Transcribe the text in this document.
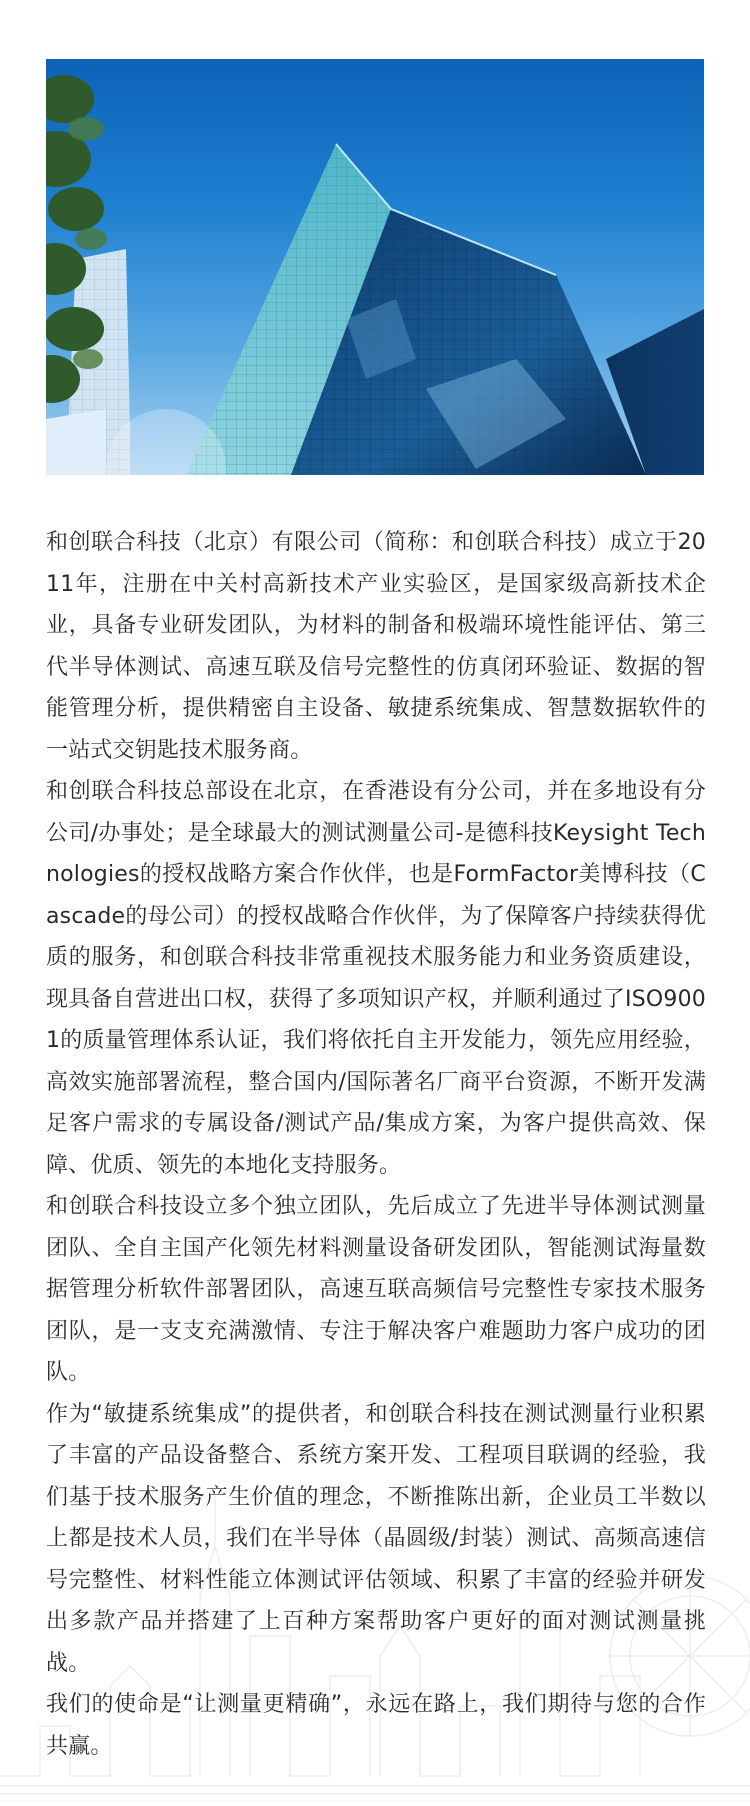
和创联合科技（北京）有限公司（简称：和创联合科技）成立于2011年，注册在中关村高新技术产业实验区，是国家级高新技术企业，具备专业研发团队，为材料的制备和极端环境性能评估、第三代半导体测试、高速互联及信号完整性的仿真闭环验证、数据的智能管理分析，提供精密自主设备、敏捷系统集成、智慧数据软件的一站式交钥匙技术服务商。

和创联合科技总部设在北京，在香港设有分公司，并在多地设有分公司/办事处；是全球最大的测试测量公司-是德科技Keysight Technologies的授权战略方案合作伙伴，也是FormFactor美博科技（Cascade的母公司）的授权战略合作伙伴，为了保障客户持续获得优质的服务，和创联合科技非常重视技术服务能力和业务资质建设，现具备自营进出口权，获得了多项知识产权，并顺利通过了ISO9001的质量管理体系认证，我们将依托自主开发能力，领先应用经验，高效实施部署流程，整合国内/国际著名厂商平台资源，不断开发满足客户需求的专属设备/测试产品/集成方案，为客户提供高效、保障、优质、领先的本地化支持服务。

和创联合科技设立多个独立团队，先后成立了先进半导体测试测量团队、全自主国产化领先材料测量设备研发团队，智能测试海量数据管理分析软件部署团队，高速互联高频信号完整性专家技术服务团队，是一支支充满激情、专注于解决客户难题助力客户成功的团队。

作为“敏捷系统集成”的提供者，和创联合科技在测试测量行业积累了丰富的产品设备整合、系统方案开发、工程项目联调的经验，我们基于技术服务产生价值的理念，不断推陈出新，企业员工半数以上都是技术人员，我们在半导体（晶圆级/封装）测试、高频高速信号完整性、材料性能立体测试评估领域、积累了丰富的经验并研发出多款产品并搭建了上百种方案帮助客户更好的面对测试测量挑战。

我们的使命是“让测量更精确”，永远在路上，我们期待与您的合作共赢。
